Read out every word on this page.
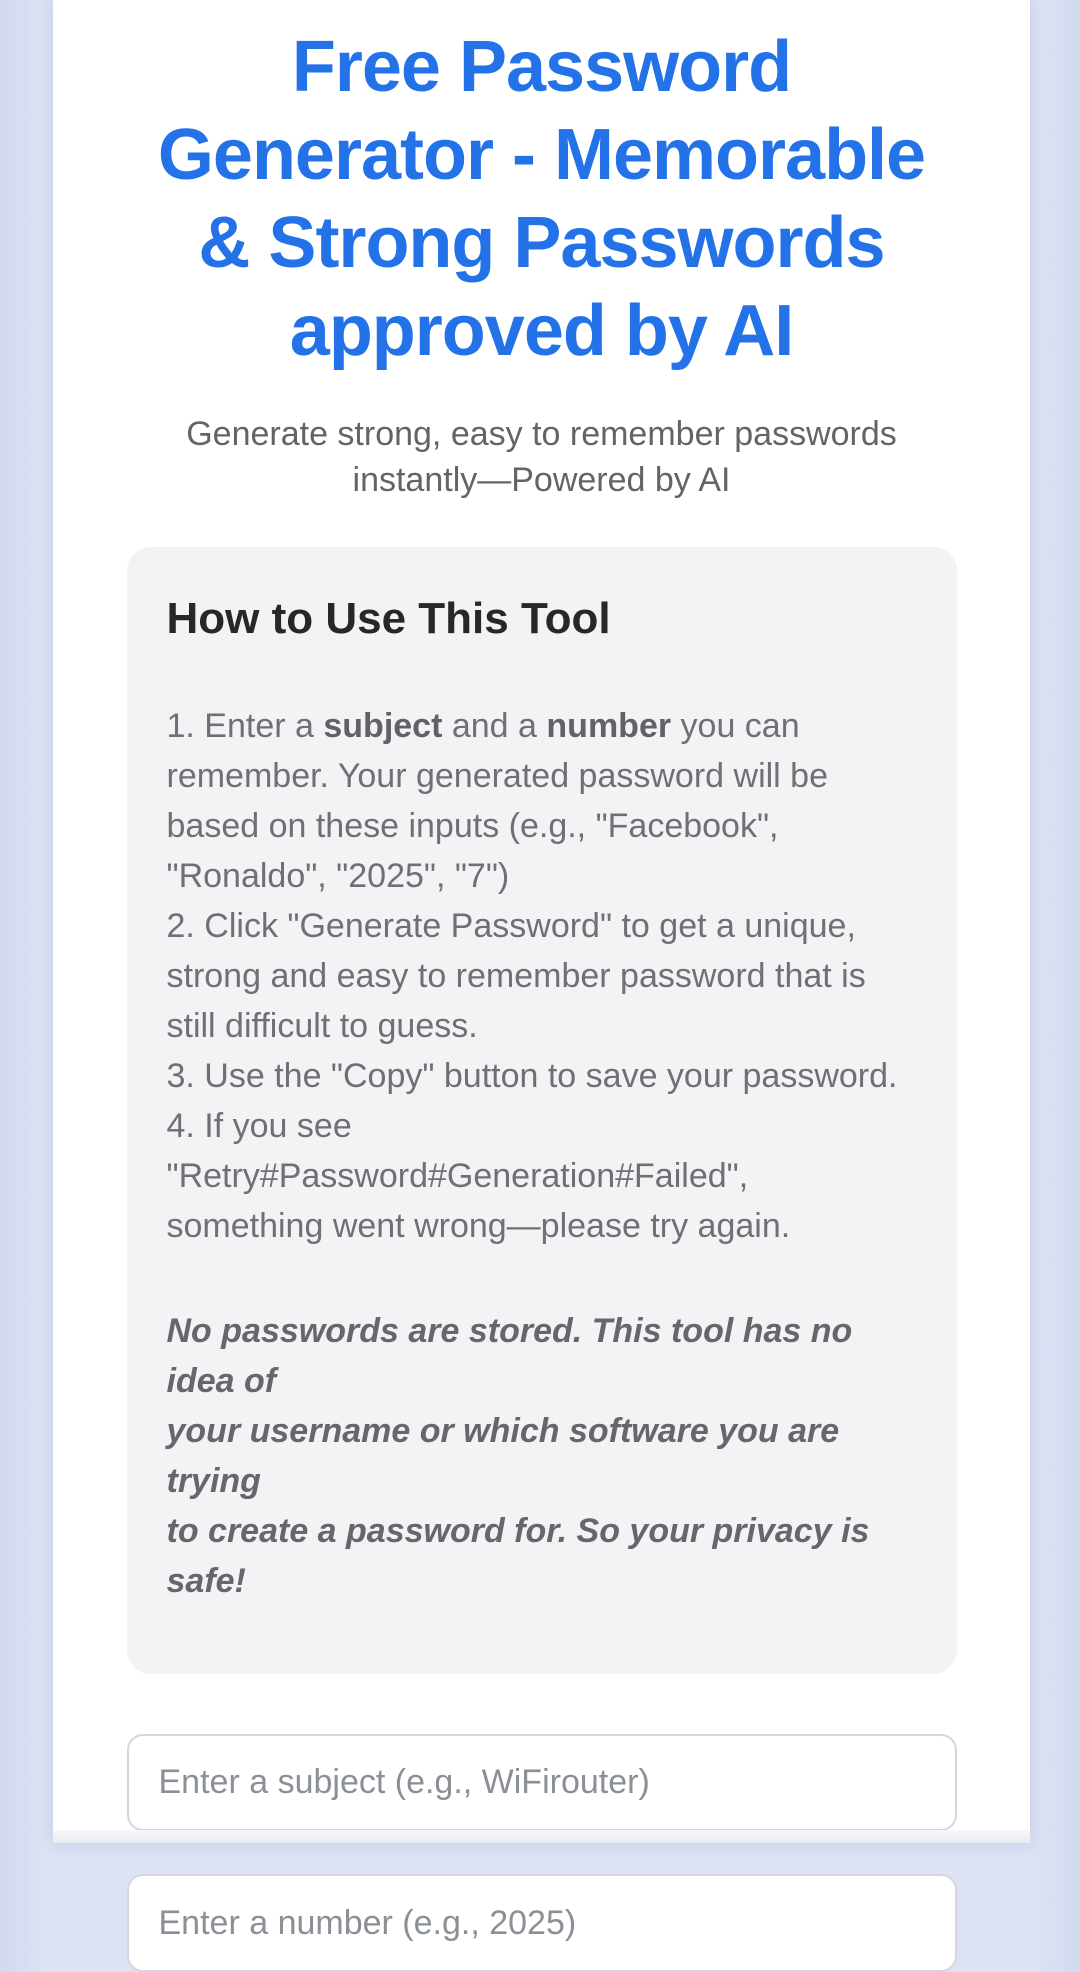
Free Password
Generator - Memorable
& Strong Passwords
approved by AI

Generate strong, easy to remember passwords
instantly—Powered by AI

How to Use This Tool
1. Enter a subject and a number you can
remember. Your generated password will be
based on these inputs (e.g., "Facebook",
"Ronaldo", "2025", "7")
2. Click "Generate Password" to get a unique,
strong and easy to remember password that is
still difficult to guess.
3. Use the "Copy" button to save your password.
4. If you see
"Retry#Password#Generation#Failed",
something went wrong—please try again.
No passwords are stored. This tool has no idea of
your username or which software you are trying
to create a password for. So your privacy is safe!
Enter a subject (e.g., WiFirouter)
Enter a number (e.g., 2025)
